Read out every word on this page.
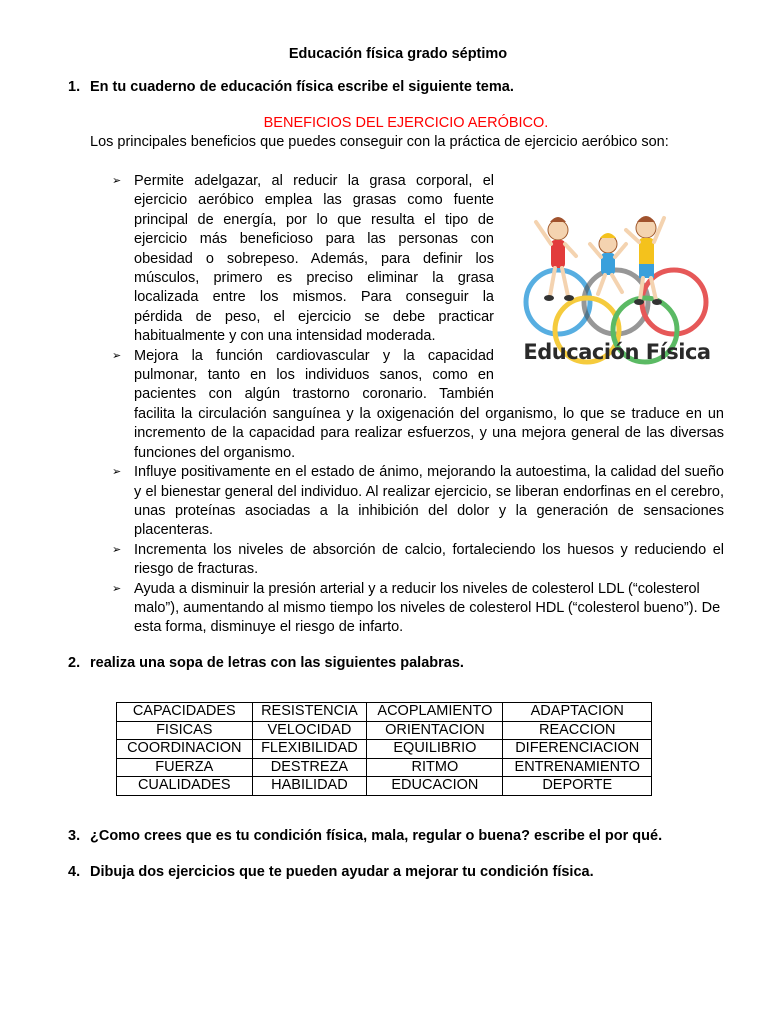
Educación física grado séptimo
1. En tu cuaderno de educación física escribe el siguiente tema.
BENEFICIOS DEL EJERCICIO AERÓBICO.
Los principales beneficios que puedes conseguir con la práctica de ejercicio aeróbico son:
➢ Permite adelgazar, al reducir la grasa corporal, el
ejercicio aeróbico emplea las grasas como fuente
principal de energía, por lo que resulta el tipo de
ejercicio más beneficioso para las personas con
obesidad o sobrepeso. Además, para definir los
músculos, primero es preciso eliminar la grasa
localizada entre los mismos. Para conseguir la
pérdida de peso, el ejercicio se debe practicar
habitualmente y con una intensidad moderada.
➢ Mejora la función cardiovascular y la capacidad
pulmonar, tanto en los individuos sanos, como en
pacientes con algún trastorno coronario. También
facilita la circulación sanguínea y la oxigenación del organismo, lo que se traduce en un incremento de la capacidad para realizar esfuerzos, y una mejora general de las diversas funciones del organismo.
➢ Influye positivamente en el estado de ánimo, mejorando la autoestima, la calidad del sueño y el bienestar general del individuo. Al realizar ejercicio, se liberan endorfinas en el cerebro, unas proteínas asociadas a la inhibición del dolor y la generación de sensaciones placenteras.
➢ Incrementa los niveles de absorción de calcio, fortaleciendo los huesos y reduciendo el riesgo de fracturas.
➢ Ayuda a disminuir la presión arterial y a reducir los niveles de colesterol LDL (“colesterol malo”), aumentando al mismo tiempo los niveles de colesterol HDL (“colesterol bueno”). De esta forma, disminuye el riesgo de infarto.
Educación Física
2. realiza una sopa de letras con las siguientes palabras.
CAPACIDADES	RESISTENCIA	ACOPLAMIENTO	ADAPTACION
FISICAS	VELOCIDAD	ORIENTACION	REACCION
COORDINACION	FLEXIBILIDAD	EQUILIBRIO	DIFERENCIACION
FUERZA	DESTREZA	RITMO	ENTRENAMIENTO
CUALIDADES	HABILIDAD	EDUCACION	DEPORTE
3. ¿Como crees que es tu condición física, mala, regular o buena? escribe el por qué.
4. Dibuja dos ejercicios que te pueden ayudar a mejorar tu condición física.
